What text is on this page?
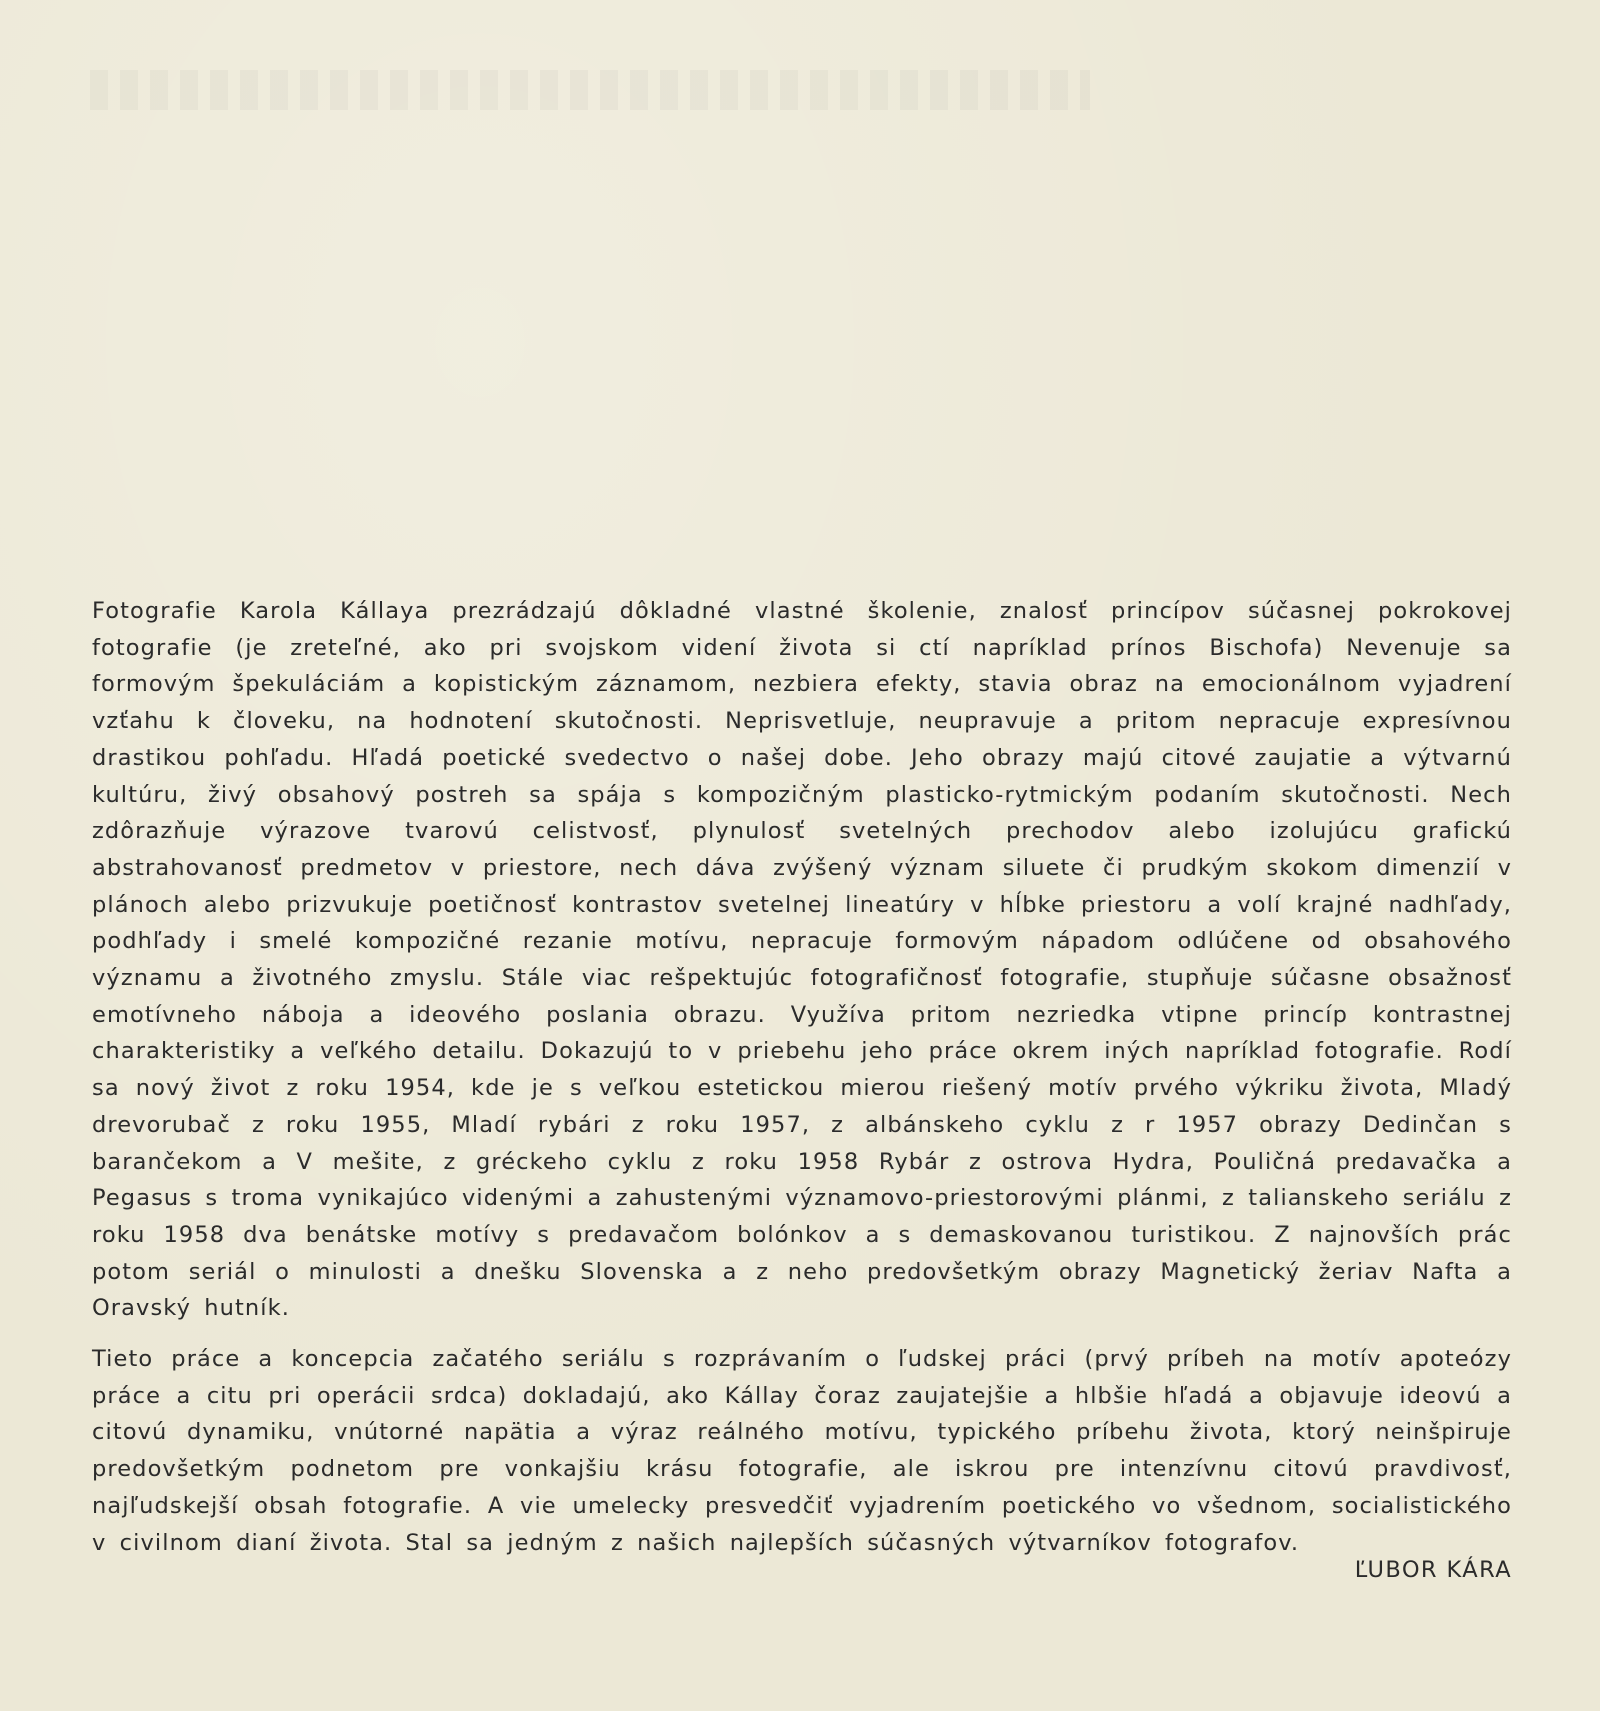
Fotografie Karola Kállaya prezrádzajú dôkladné vlastné školenie, znalosť princípov súčasnej pokrokovej fotografie (je zreteľné, ako pri svojskom videní života si ctí napríklad prínos Bischofa) Nevenuje sa formovým špekuláciám a kopistickým záznamom, nezbiera efekty, stavia obraz na emocionálnom vyjadrení vzťahu k človeku, na hodnotení skutočnosti. Neprisvetluje, neupravuje a pritom nepracuje expresívnou drastikou pohľadu. Hľadá poetické svedectvo o našej dobe. Jeho obrazy majú citové zaujatie a výtvarnú kultúru, živý obsahový postreh sa spája s kompozičným plasticko-rytmickým podaním skutočnosti. Nech zdôrazňuje výrazove tvarovú celistvosť, plynulosť svetelných prechodov alebo izolujúcu grafickú abstrahovanosť predmetov v priestore, nech dáva zvýšený význam siluete či prudkým skokom dimenzií v plánoch alebo prizvukuje poetičnosť kontrastov svetelnej lineatúry v hĺbke priestoru a volí krajné nadhľady, podhľady i smelé kompozičné rezanie motívu, nepracuje formovým nápadom odlúčene od obsahového významu a životného zmyslu. Stále viac rešpektujúc fotografičnosť fotografie, stupňuje súčasne obsažnosť emotívneho náboja a ideového poslania obrazu. Využíva pritom nezriedka vtipne princíp kontrastnej charakteristiky a veľkého detailu. Dokazujú to v priebehu jeho práce okrem iných napríklad fotografie. Rodí sa nový život z roku 1954, kde je s veľkou estetickou mierou riešený motív prvého výkriku života, Mladý drevorubač z roku 1955, Mladí rybári z roku 1957, z albánskeho cyklu z r 1957 obrazy Dedinčan s barančekom a V mešite, z gréckeho cyklu z roku 1958 Rybár z ostrova Hydra, Pouličná predavačka a Pegasus s troma vynikajúco videnými a zahustenými významovo-priestorovými plánmi, z talianskeho seriálu z roku 1958 dva benátske motívy s predavačom bolónkov a s demaskovanou turistikou. Z najnovších prác potom seriál o minulosti a dnešku Slovenska a z neho predovšetkým obrazy Magnetický žeriav Nafta a Oravský hutník.

Tieto práce a koncepcia začatého seriálu s rozprávaním o ľudskej práci (prvý príbeh na motív apoteózy práce a citu pri operácii srdca) dokladajú, ako Kállay čoraz zaujatejšie a hlbšie hľadá a objavuje ideovú a citovú dynamiku, vnútorné napätia a výraz reálného motívu, typického príbehu života, ktorý neinšpiruje predovšetkým podnetom pre vonkajšiu krásu fotografie, ale iskrou pre intenzívnu citovú pravdivosť, najľudskejší obsah fotografie. A vie umelecky presvedčiť vyjadrením poetického vo všednom, socialistického v civilnom dianí života. Stal sa jedným z našich najlepších súčasných výtvarníkov fotografov.

ĽUBOR KÁRA
